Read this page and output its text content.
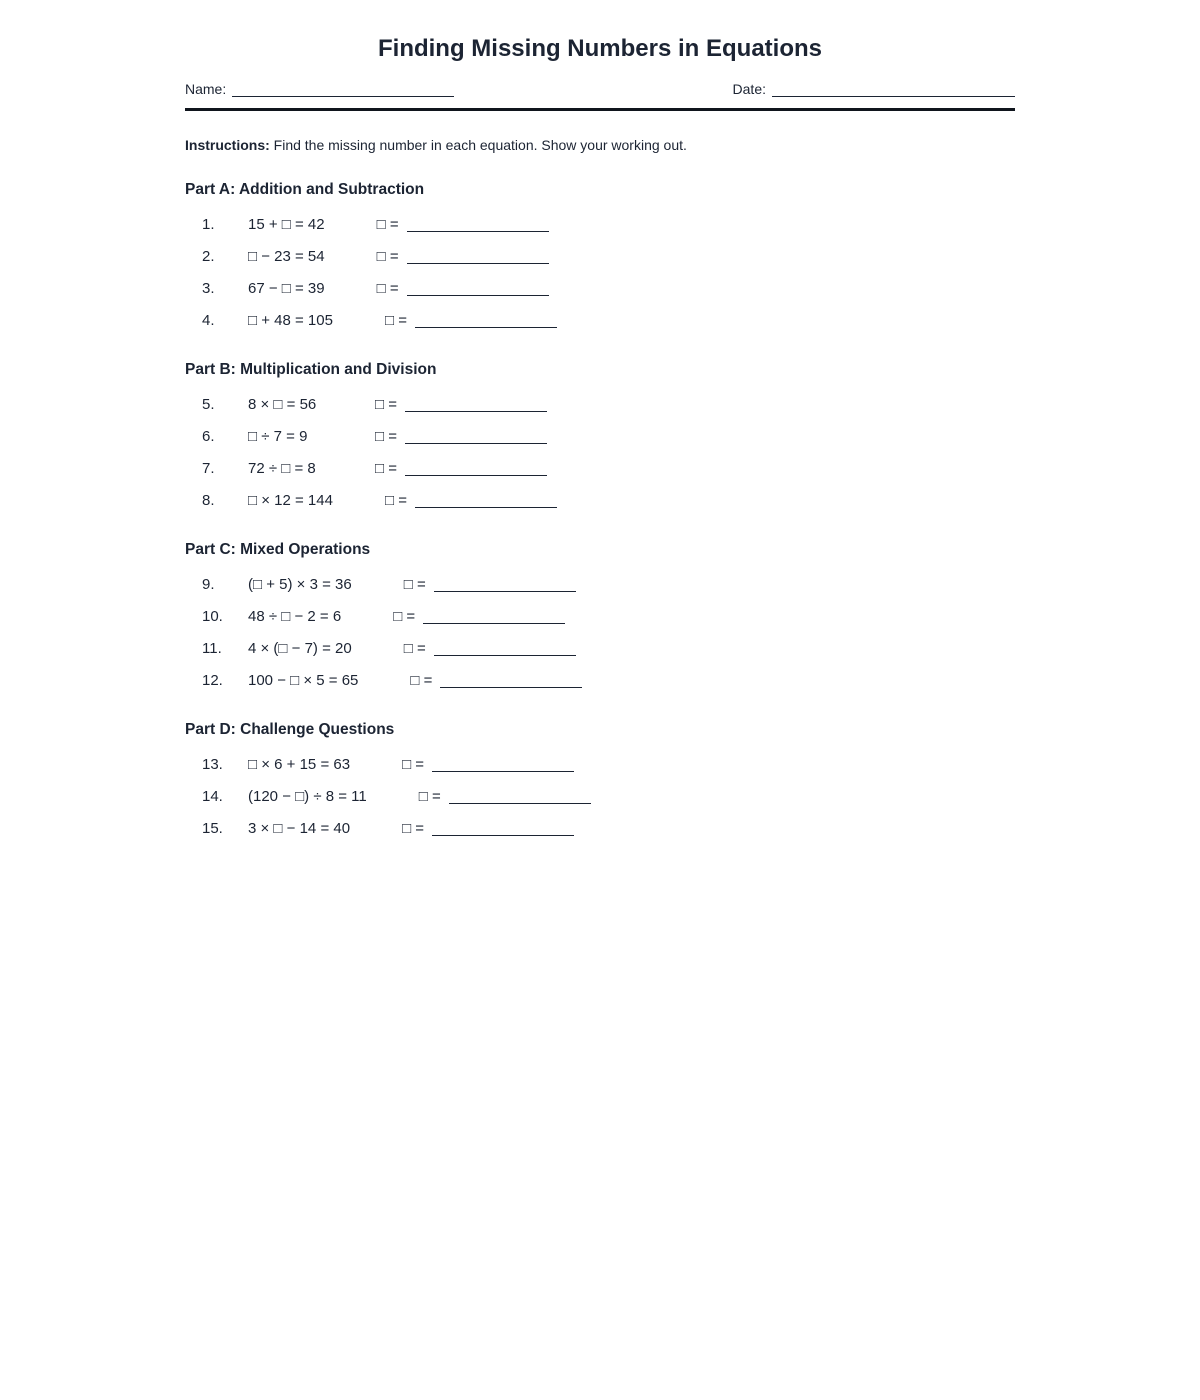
Finding Missing Numbers in Equations
Name:	Date:

Instructions: Find the missing number in each equation. Show your working out.

Part A: Addition and Subtraction
1. 15 + □ = 42	□ =
2. □ − 23 = 54	□ =
3. 67 − □ = 39	□ =
4. □ + 48 = 105	□ =
Part B: Multiplication and Division
5. 8 × □ = 56	□ =
6. □ ÷ 7 = 9	□ =
7. 72 ÷ □ = 8	□ =
8. □ × 12 = 144	□ =
Part C: Mixed Operations
9. (□ + 5) × 3 = 36	□ =
10. 48 ÷ □ − 2 = 6	□ =
11. 4 × (□ − 7) = 20	□ =
12. 100 − □ × 5 = 65	□ =
Part D: Challenge Questions
13. □ × 6 + 15 = 63	□ =
14. (120 − □) ÷ 8 = 11	□ =
15. 3 × □ − 14 = 40	□ =
